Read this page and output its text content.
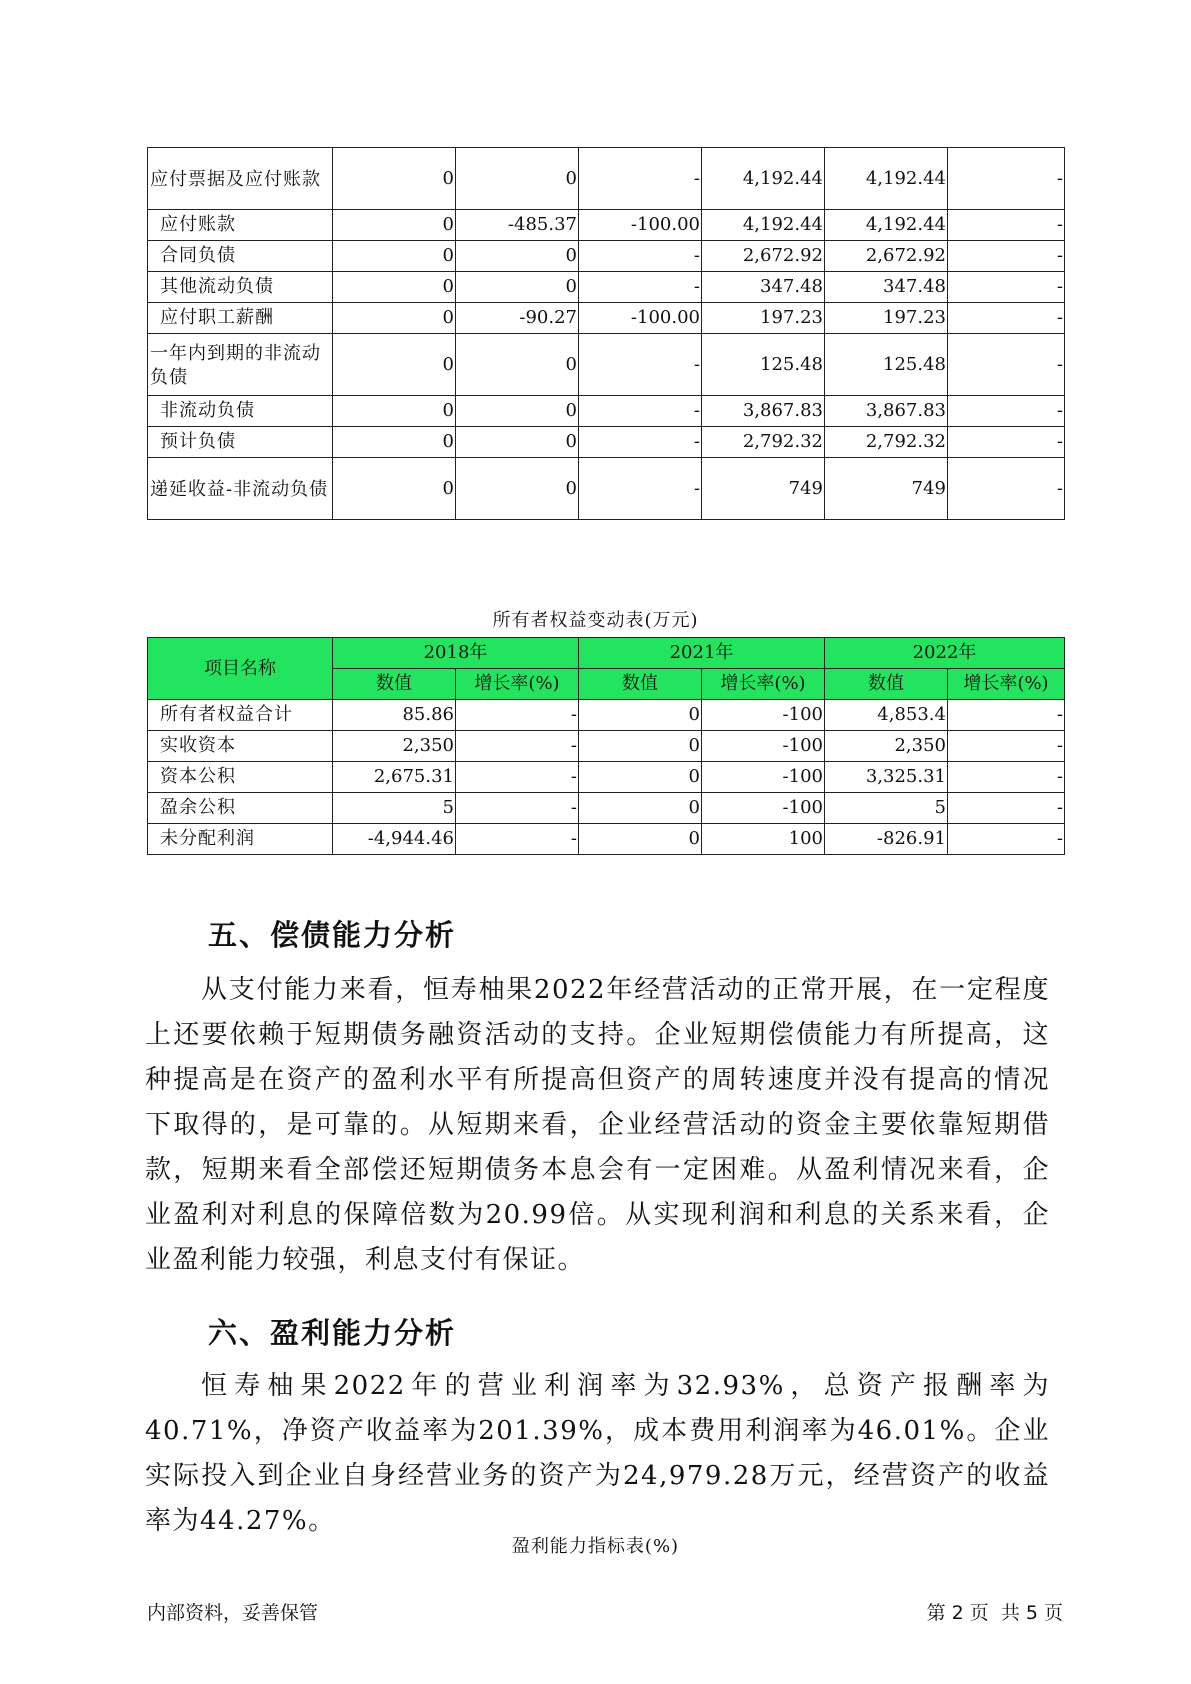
应付票据及应付账款	0	0	-	4,192.44	4,192.44	-
应付账款	0	-485.37	-100.00	4,192.44	4,192.44	-
合同负债	0	0	-	2,672.92	2,672.92	-
其他流动负债	0	0	-	347.48	347.48	-
应付职工薪酬	0	-90.27	-100.00	197.23	197.23	-
一年内到期的非流动负债	0	0	-	125.48	125.48	-
非流动负债	0	0	-	3,867.83	3,867.83	-
预计负债	0	0	-	2,792.32	2,792.32	-
递延收益-非流动负债	0	0	-	749	749	-
所有者权益变动表(万元)
项目名称	2018年		2021年		2022年	
	数值	增长率(%)	数值	增长率(%)	数值	增长率(%)
所有者权益合计	85.86	-	0	-100	4,853.4	-
实收资本	2,350	-	0	-100	2,350	-
资本公积	2,675.31	-	0	-100	3,325.31	-
盈余公积	5	-	0	-100	5	-
未分配利润	-4,944.46	-	0	100	-826.91	-
五、偿债能力分析

从支付能力来看，恒寿柚果2022年经营活动的正常开展，在一定程度上还要依赖于短期债务融资活动的支持。企业短期偿债能力有所提高，这种提高是在资产的盈利水平有所提高但资产的周转速度并没有提高的情况下取得的，是可靠的。从短期来看，企业经营活动的资金主要依靠短期借款，短期来看全部偿还短期债务本息会有一定困难。从盈利情况来看，企业盈利对利息的保障倍数为20.99倍。从实现利润和利息的关系来看，企业盈利能力较强，利息支付有保证。

六、盈利能力分析

恒寿柚果2022年的营业利润率为32.93%，总资产报酬率为40.71%，净资产收益率为201.39%，成本费用利润率为46.01%。企业实际投入到企业自身经营业务的资产为24,979.28万元，经营资产的收益率为44.27%。

盈利能力指标表(%)
内部资料，妥善保管	第 2 页  共 5 页
